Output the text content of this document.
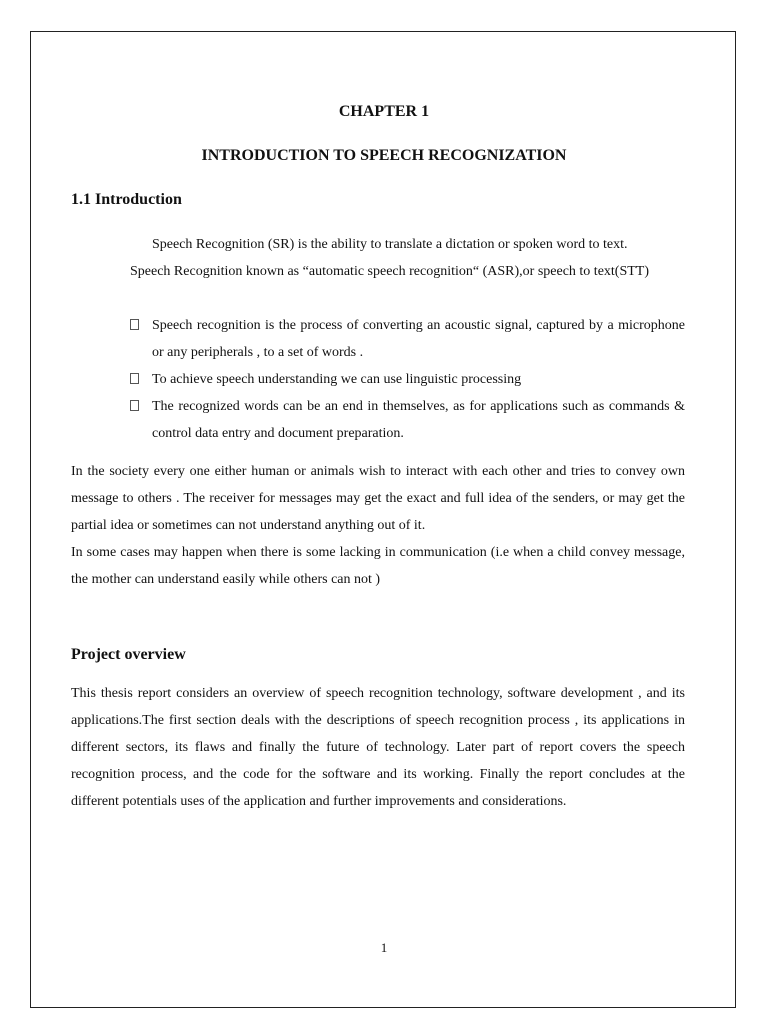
CHAPTER 1
INTRODUCTION TO SPEECH RECOGNIZATION
1.1 Introduction
Speech Recognition (SR) is the ability to translate a dictation or spoken word to text.
Speech Recognition known as “automatic speech recognition“ (ASR),or speech to text(STT)
Speech recognition is the process of converting an acoustic signal, captured by a microphone or any peripherals , to a set of words .
To achieve speech understanding we can use linguistic processing
The recognized words can be an end in themselves, as for applications such as commands & control data entry and document preparation.

In the society every one either human or animals wish to interact with each other and tries to convey own message to others . The receiver for messages may get the exact and full idea of the senders, or may get the partial idea or sometimes can not understand anything out of it.

In some cases may happen when there is some lacking in communication (i.e when a child convey message, the mother can understand easily while others can not )

Project overview

This thesis report considers an overview of speech recognition technology, software development , and its applications.The first section deals with the descriptions of speech recognition process , its applications in different sectors, its flaws and finally the future of technology. Later part of report covers the speech recognition process, and the code for the software and its working. Finally the report concludes at the different potentials uses of the application and further improvements and considerations.

1
